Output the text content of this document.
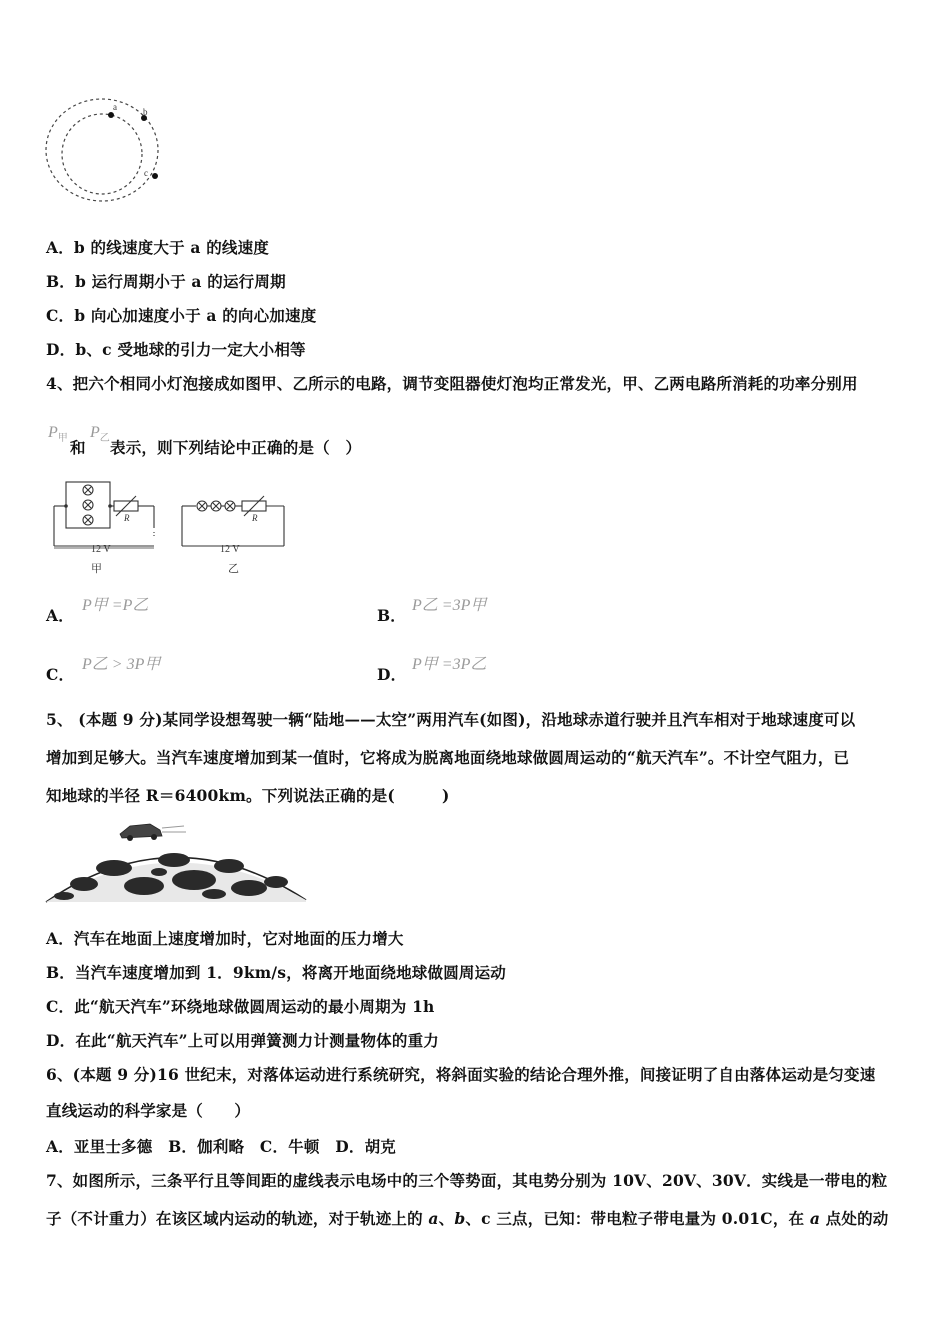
a	b
c
A．b 的线速度大于 a 的线速度
B．b 运行周期小于 a 的运行周期
C．b 向心加速度小于 a 的向心加速度
D．b、c 受地球的引力一定大小相等
4、把六个相同小灯泡接成如图甲、乙所示的电路，调节变阻器使灯泡均正常发光，甲、乙两电路所消耗的功率分别用
$P_甲$ 和
$P_乙$ 表示，则下列结论中正确的是（　）
R
12 V
甲
R
12 V
乙
A．
P甲 =P乙
B．
P乙 =3P甲
C．
P乙 > 3P甲
D．
P甲 =3P乙
5、 (本题 9 分)某同学设想驾驶一辆“陆地——太空”两用汽车(如图)，沿地球赤道行驶并且汽车相对于地球速度可以
增加到足够大。当汽车速度增加到某一值时，它将成为脱离地面绕地球做圆周运动的“航天汽车”。不计空气阻力，已
知地球的半径 R＝6400km。下列说法正确的是(　　　)
A．汽车在地面上速度增加时，它对地面的压力增大
B．当汽车速度增加到 1．9km/s，将离开地面绕地球做圆周运动
C．此“航天汽车”环绕地球做圆周运动的最小周期为 1h
D．在此“航天汽车”上可以用弹簧测力计测量物体的重力
6、(本题 9 分)16 世纪末，对落体运动进行系统研究，将斜面实验的结论合理外推，间接证明了自由落体运动是匀变速
直线运动的科学家是（　　）
A．亚里士多德　B．伽利略　C．牛顿　D．胡克
7、如图所示，三条平行且等间距的虚线表示电场中的三个等势面，其电势分别为 10V、20V、30V．实线是一带电的粒
子（不计重力）在该区域内运动的轨迹，对于轨迹上的 a、b、c 三点，已知：带电粒子带电量为 0.01C，在 a 点处的动
